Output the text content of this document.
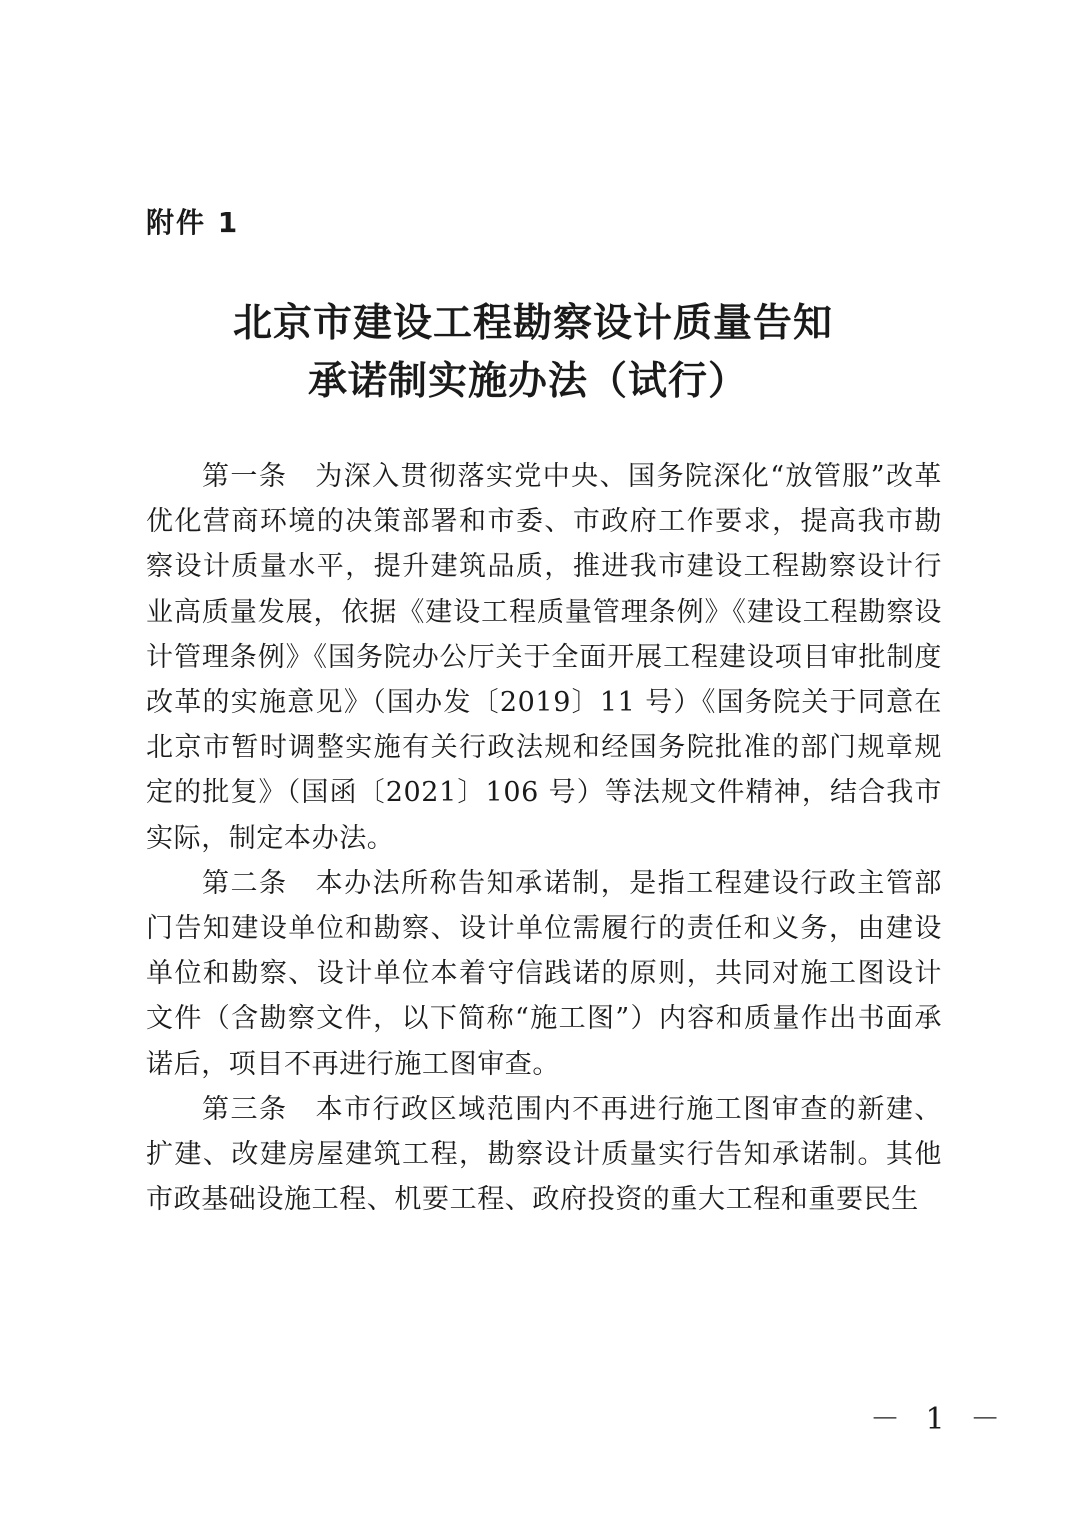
附件 1
北京市建设工程勘察设计质量告知
承诺制实施办法（试行）

第一条 为深入贯彻落实党中央、国务院深化“放管服”改革优化营商环境的决策部署和市委、市政府工作要求，提高我市勘察设计质量水平，提升建筑品质，推进我市建设工程勘察设计行业高质量发展，依据《建设工程质量管理条例》《建设工程勘察设计管理条例》《国务院办公厅关于全面开展工程建设项目审批制度改革的实施意见》（国办发〔2019〕11 号）《国务院关于同意在北京市暂时调整实施有关行政法规和经国务院批准的部门规章规定的批复》（国函〔2021〕106 号）等法规文件精神，结合我市实际，制定本办法。

第二条 本办法所称告知承诺制，是指工程建设行政主管部门告知建设单位和勘察、设计单位需履行的责任和义务，由建设单位和勘察、设计单位本着守信践诺的原则，共同对施工图设计文件（含勘察文件，以下简称“施工图”）内容和质量作出书面承诺后，项目不再进行施工图审查。

第三条 本市行政区域范围内不再进行施工图审查的新建、扩建、改建房屋建筑工程，勘察设计质量实行告知承诺制。其他市政基础设施工程、机要工程、政府投资的重大工程和重要民生

－ 1 －
